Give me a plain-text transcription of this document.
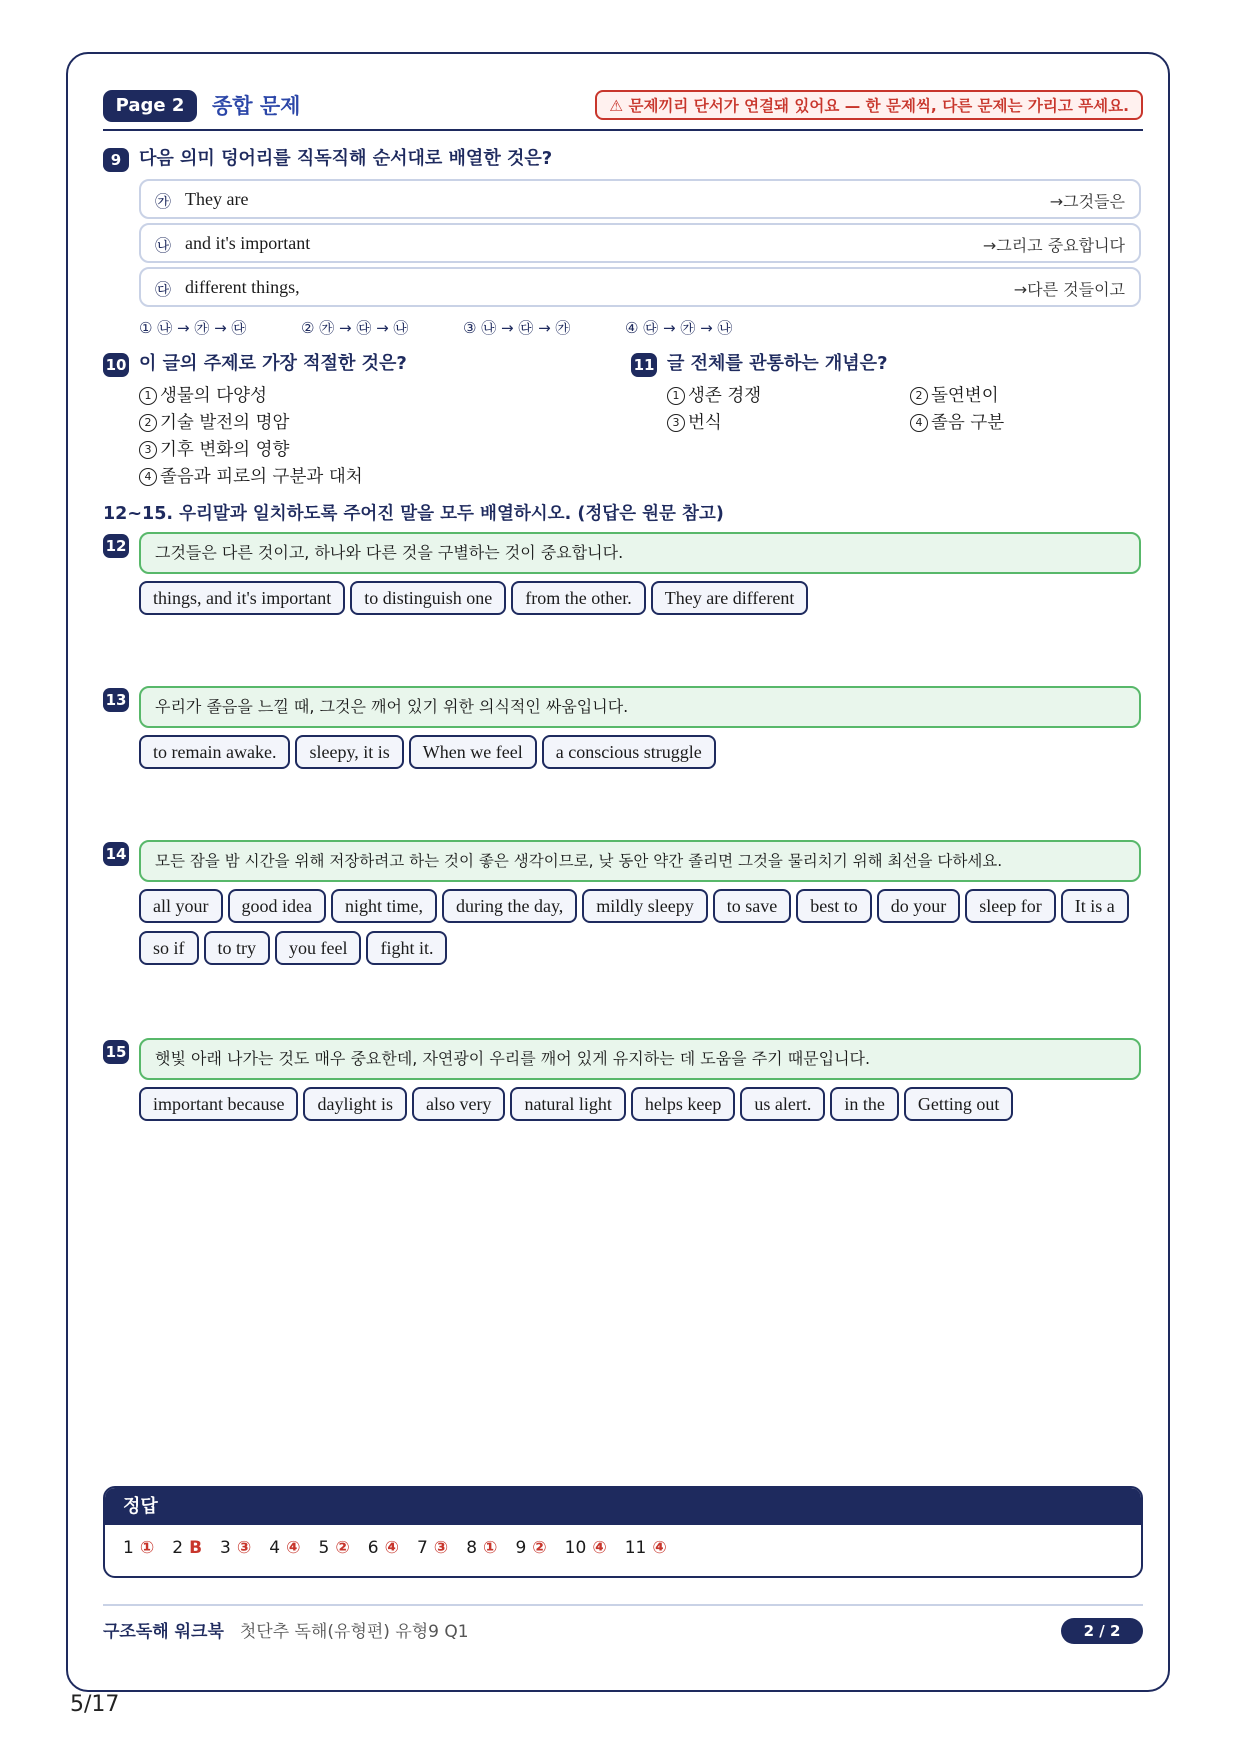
Page 2	종합 문제	⚠ 문제끼리 단서가 연결돼 있어요 — 한 문제씩, 다른 문제는 가리고 푸세요.
9 다음 의미 덩어리를 직독직해 순서대로 배열한 것은?
㉮ They are	→그것들은
㉯ and it's important	→그리고 중요합니다
㉰ different things,	→다른 것들이고
① ㉯ → ㉮ → ㉰	② ㉮ → ㉰ → ㉯	③ ㉯ → ㉰ → ㉮	④ ㉰ → ㉮ → ㉯
10 이 글의 주제로 가장 적절한 것은?
1 생물의 다양성
2 기술 발전의 명암
3 기후 변화의 영향
4 졸음과 피로의 구분과 대처
11 글 전체를 관통하는 개념은?
1 생존 경쟁	2 돌연변이
3 번식	4 졸음 구분
12~15. 우리말과 일치하도록 주어진 말을 모두 배열하시오. (정답은 원문 참고)
12	그것들은 다른 것이고, 하나와 다른 것을 구별하는 것이 중요합니다.
things, and it's important to distinguish one from the other. They are different
13	우리가 졸음을 느낄 때, 그것은 깨어 있기 위한 의식적인 싸움입니다.
to remain awake. sleepy, it is When we feel a conscious struggle
14	모든 잠을 밤 시간을 위해 저장하려고 하는 것이 좋은 생각이므로, 낮 동안 약간 졸리면 그것을 물리치기 위해 최선을 다하세요.
all your good idea night time, during the day, mildly sleepy to save best to do your sleep for It is aso if to try you feel fight it.
15	햇빛 아래 나가는 것도 매우 중요한데, 자연광이 우리를 깨어 있게 유지하는 데 도움을 주기 때문입니다.
important because daylight is also very natural light helps keep us alert. in the Getting out
정답
1 ① 2 B 3 ③ 4 ④ 5 ② 6 ④ 7 ③ 8 ① 9 ② 10 ④ 11 ④
구조독해 워크북 첫단추 독해(유형편) 유형9 Q1	2 / 2
5/17
